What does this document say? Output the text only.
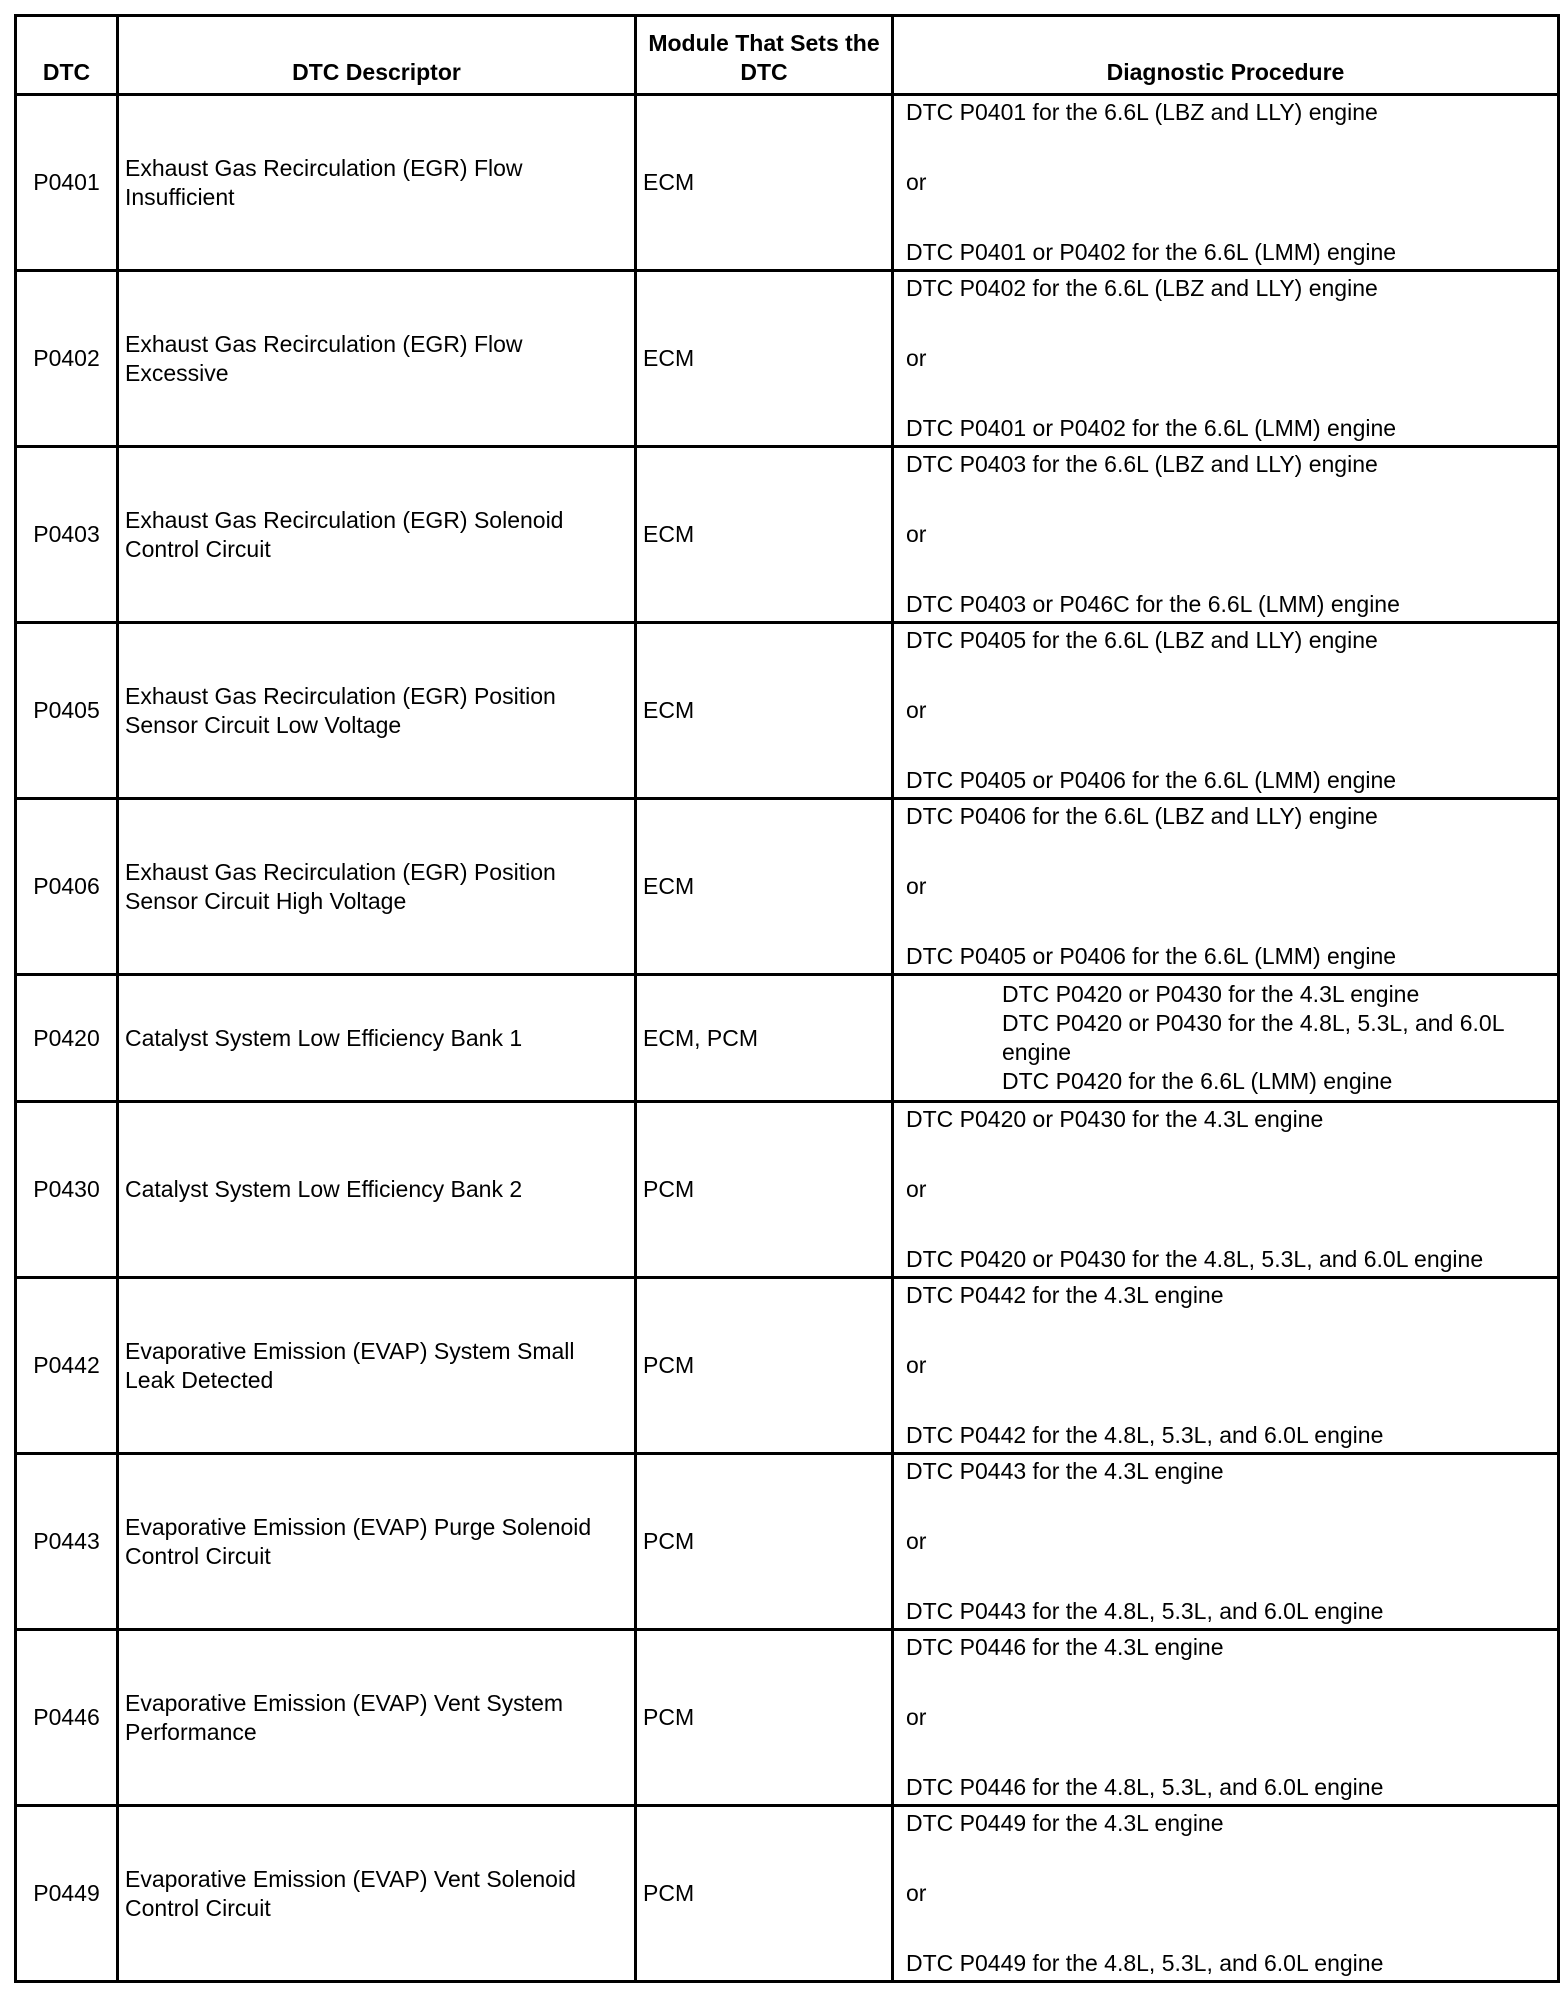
DTC	DTC Descriptor	Module That Sets the DTC	Diagnostic Procedure
P0401	Exhaust Gas Recirculation (EGR) Flow Insufficient	ECM	DTC P0401 for the 6.6L (LBZ and LLY) engine
or
DTC P0401 or P0402 for the 6.6L (LMM) engine

P0402	Exhaust Gas Recirculation (EGR) Flow Excessive	ECM	DTC P0402 for the 6.6L (LBZ and LLY) engine
or
DTC P0401 or P0402 for the 6.6L (LMM) engine

P0403	Exhaust Gas Recirculation (EGR) Solenoid Control Circuit	ECM	DTC P0403 for the 6.6L (LBZ and LLY) engine
or
DTC P0403 or P046C for the 6.6L (LMM) engine

P0405	Exhaust Gas Recirculation (EGR) Position Sensor Circuit Low Voltage	ECM	DTC P0405 for the 6.6L (LBZ and LLY) engine
or
DTC P0405 or P0406 for the 6.6L (LMM) engine

P0406	Exhaust Gas Recirculation (EGR) Position Sensor Circuit High Voltage	ECM	DTC P0406 for the 6.6L (LBZ and LLY) engine
or
DTC P0405 or P0406 for the 6.6L (LMM) engine

P0420	Catalyst System Low Efficiency Bank 1	ECM, PCM	DTC P0420 or P0430 for the 4.3L engine
DTC P0420 or P0430 for the 4.8L, 5.3L, and 6.0L engine
DTC P0420 for the 6.6L (LMM) engine

P0430	Catalyst System Low Efficiency Bank 2	PCM	DTC P0420 or P0430 for the 4.3L engine
or
DTC P0420 or P0430 for the 4.8L, 5.3L, and 6.0L engine

P0442	Evaporative Emission (EVAP) System Small Leak Detected	PCM	DTC P0442 for the 4.3L engine
or
DTC P0442 for the 4.8L, 5.3L, and 6.0L engine

P0443	Evaporative Emission (EVAP) Purge Solenoid Control Circuit	PCM	DTC P0443 for the 4.3L engine
or
DTC P0443 for the 4.8L, 5.3L, and 6.0L engine

P0446	Evaporative Emission (EVAP) Vent System Performance	PCM	DTC P0446 for the 4.3L engine
or
DTC P0446 for the 4.8L, 5.3L, and 6.0L engine

P0449	Evaporative Emission (EVAP) Vent Solenoid Control Circuit	PCM	DTC P0449 for the 4.3L engine
or
DTC P0449 for the 4.8L, 5.3L, and 6.0L engine
